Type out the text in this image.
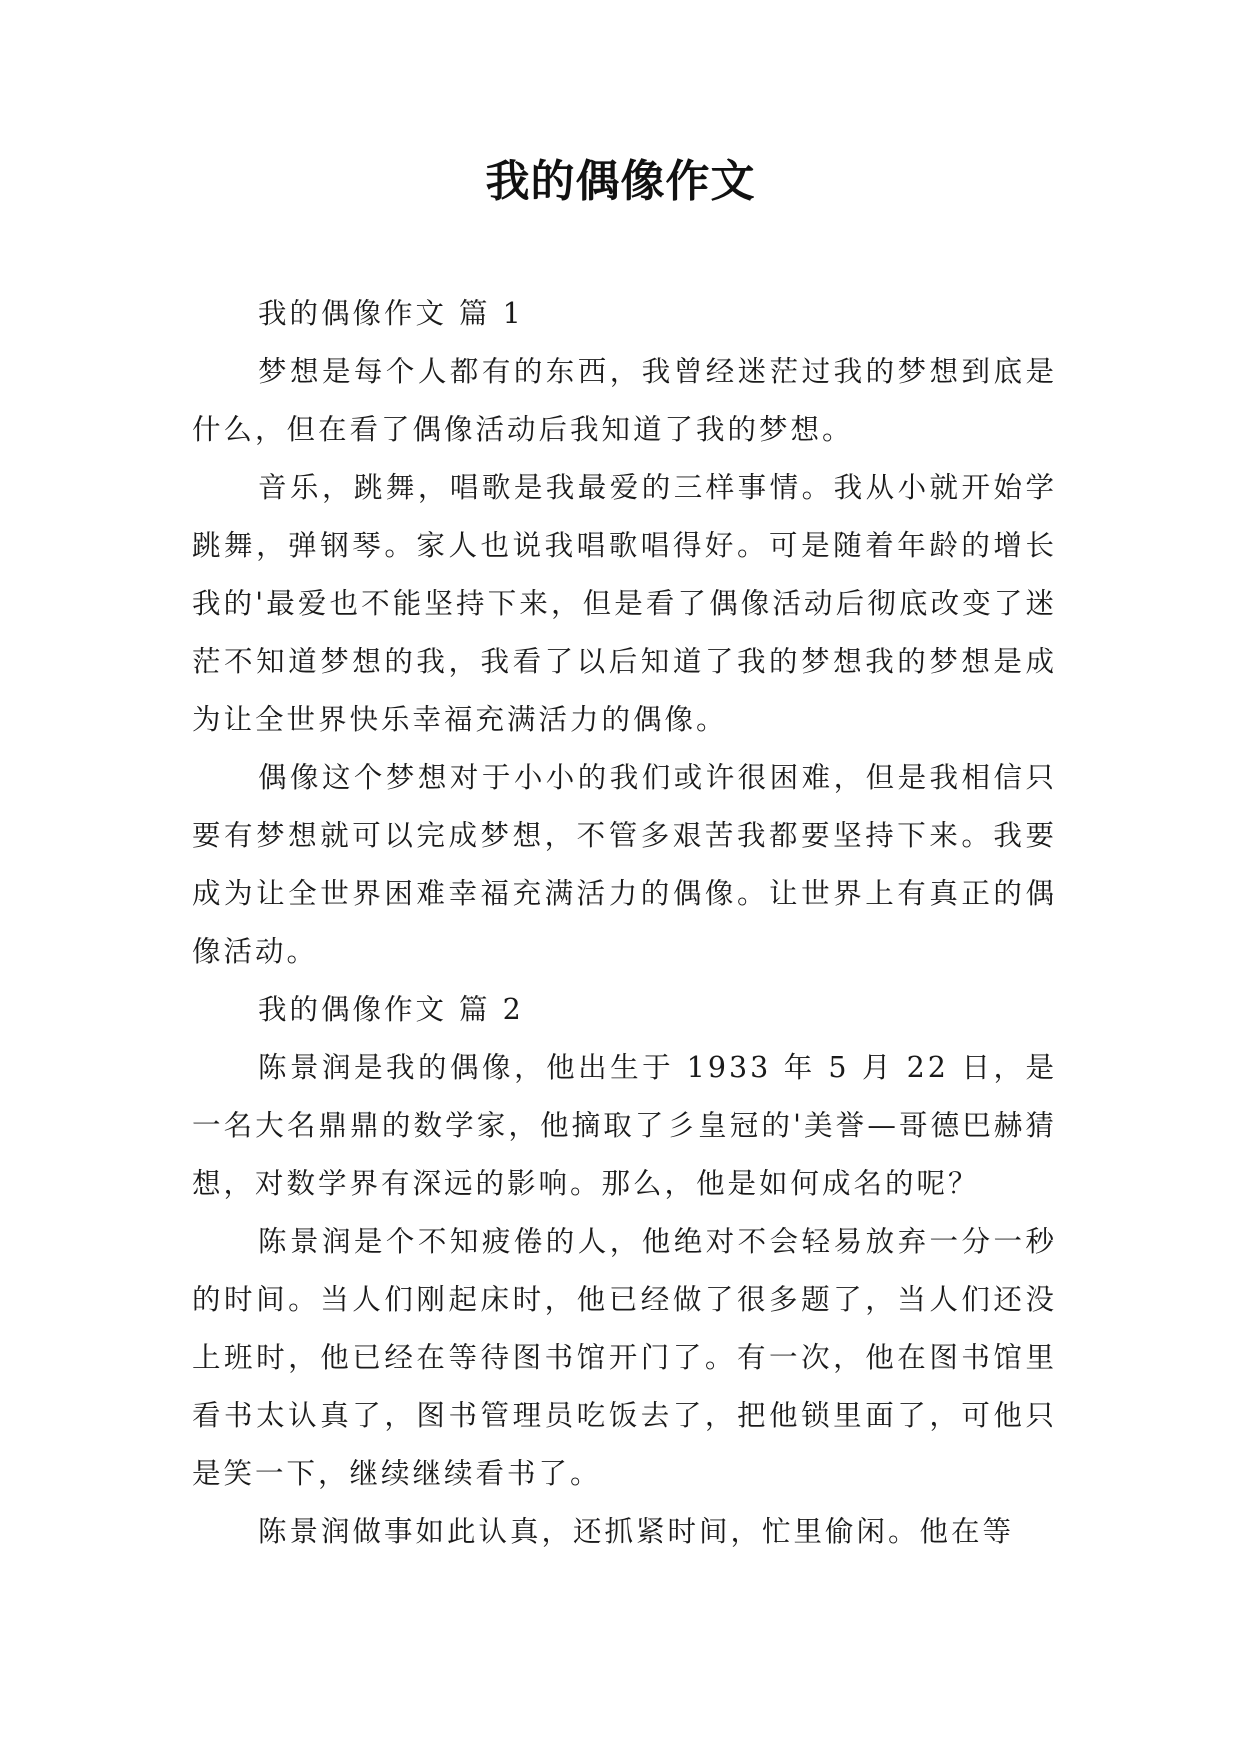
我的偶像作文

我的偶像作文 篇 1

梦想是每个人都有的东西，我曾经迷茫过我的梦想到底是什么，但在看了偶像活动后我知道了我的梦想。

音乐，跳舞，唱歌是我最爱的三样事情。我从小就开始学跳舞，弹钢琴。家人也说我唱歌唱得好。可是随着年龄的增长我的'最爱也不能坚持下来，但是看了偶像活动后彻底改变了迷茫不知道梦想的我，我看了以后知道了我的梦想我的梦想是成为让全世界快乐幸福充满活力的偶像。

偶像这个梦想对于小小的我们或许很困难，但是我相信只要有梦想就可以完成梦想，不管多艰苦我都要坚持下来。我要成为让全世界困难幸福充满活力的偶像。让世界上有真正的偶像活动。

我的偶像作文 篇 2

陈景润是我的偶像，他出生于 1933 年 5 月 22 日，是一名大名鼎鼎的数学家，他摘取了彡皇冠的'美誉—哥德巴赫猜想，对数学界有深远的影响。那么，他是如何成名的呢？

陈景润是个不知疲倦的人，他绝对不会轻易放弃一分一秒的时间。当人们刚起床时，他已经做了很多题了，当人们还没上班时，他已经在等待图书馆开门了。有一次，他在图书馆里看书太认真了，图书管理员吃饭去了，把他锁里面了，可他只是笑一下，继续继续看书了。

陈景润做事如此认真，还抓紧时间，忙里偷闲。他在等
